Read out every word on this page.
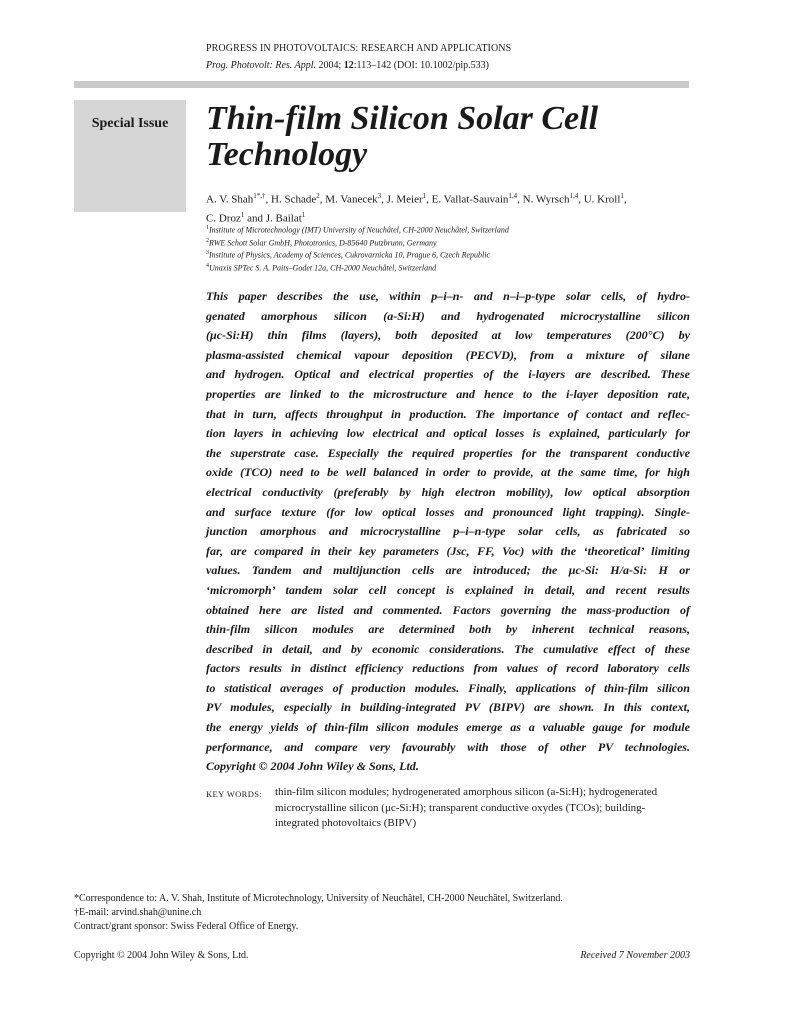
PROGRESS IN PHOTOVOLTAICS: RESEARCH AND APPLICATIONS
Prog. Photovolt: Res. Appl. 2004; 12:113–142 (DOI: 10.1002/pip.533)
Special Issue	Thin-film Silicon Solar Cell
Technology
A. V. Shah$^{1*,\dagger}$, H. Schade$^2$, M. Vanecek$^3$, J. Meier$^1$, E. Vallat-Sauvain$^{1,4}$, N. Wyrsch$^{1,4}$, U. Kroll$^1$,
C. Droz$^1$ and J. Bailat$^1$
$^1$Institute of Microtechnology (IMT) University of Neuchâtel, CH-2000 Neuchâtel, Switzerland
$^2$RWE Schott Solar GmbH, Phototronics, D-85640 Putzbrunn, Germany
$^3$Institute of Physics, Academy of Sciences, Cukrovarnicka 10, Prague 6, Czech Republic
$^4$Unaxis SPTec S. A. Paits–Godet 12a, CH-2000 Neuchâtel, Switzerland
This paper describes the use, within p–i–n- and n–i–p-type solar cells, of hydro-
genated amorphous silicon (a-Si:H) and hydrogenated microcrystalline silicon
(μc-Si:H) thin films (layers), both deposited at low temperatures (200°C) by
plasma-assisted chemical vapour deposition (PECVD), from a mixture of silane
and hydrogen. Optical and electrical properties of the i-layers are described. These
properties are linked to the microstructure and hence to the i-layer deposition rate,
that in turn, affects throughput in production. The importance of contact and reflec-
tion layers in achieving low electrical and optical losses is explained, particularly for
the superstrate case. Especially the required properties for the transparent conductive
oxide (TCO) need to be well balanced in order to provide, at the same time, for high
electrical conductivity (preferably by high electron mobility), low optical absorption
and surface texture (for low optical losses and pronounced light trapping). Single-
junction amorphous and microcrystalline p–i–n-type solar cells, as fabricated so
far, are compared in their key parameters (Jsc, FF, Voc) with the ‘theoretical’ limiting
values. Tandem and multijunction cells are introduced; the μc-Si: H/a-Si: H or
‘micromorph’ tandem solar cell concept is explained in detail, and recent results
obtained here are listed and commented. Factors governing the mass-production of
thin-film silicon modules are determined both by inherent technical reasons,
described in detail, and by economic considerations. The cumulative effect of these
factors results in distinct efficiency reductions from values of record laboratory cells
to statistical averages of production modules. Finally, applications of thin-film silicon
PV modules, especially in building-integrated PV (BIPV) are shown. In this context,
the energy yields of thin-film silicon modules emerge as a valuable gauge for module
performance, and compare very favourably with those of other PV technologies.
Copyright © 2004 John Wiley & Sons, Ltd.
KEY WORDS: thin-film silicon modules; hydrogenerated amorphous silicon (a-Si:H); hydrogenerated microcrystalline silicon (μc-Si:H); transparent conductive oxydes (TCOs); building-integrated photovoltaics (BIPV)
*Correspondence to: A. V. Shah, Institute of Microtechnology, University of Neuchâtel, CH-2000 Neuchâtel, Switzerland.
†E-mail: arvind.shah@unine.ch
Contract/grant sponsor: Swiss Federal Office of Energy.
Copyright © 2004 John Wiley & Sons, Ltd.	Received 7 November 2003
